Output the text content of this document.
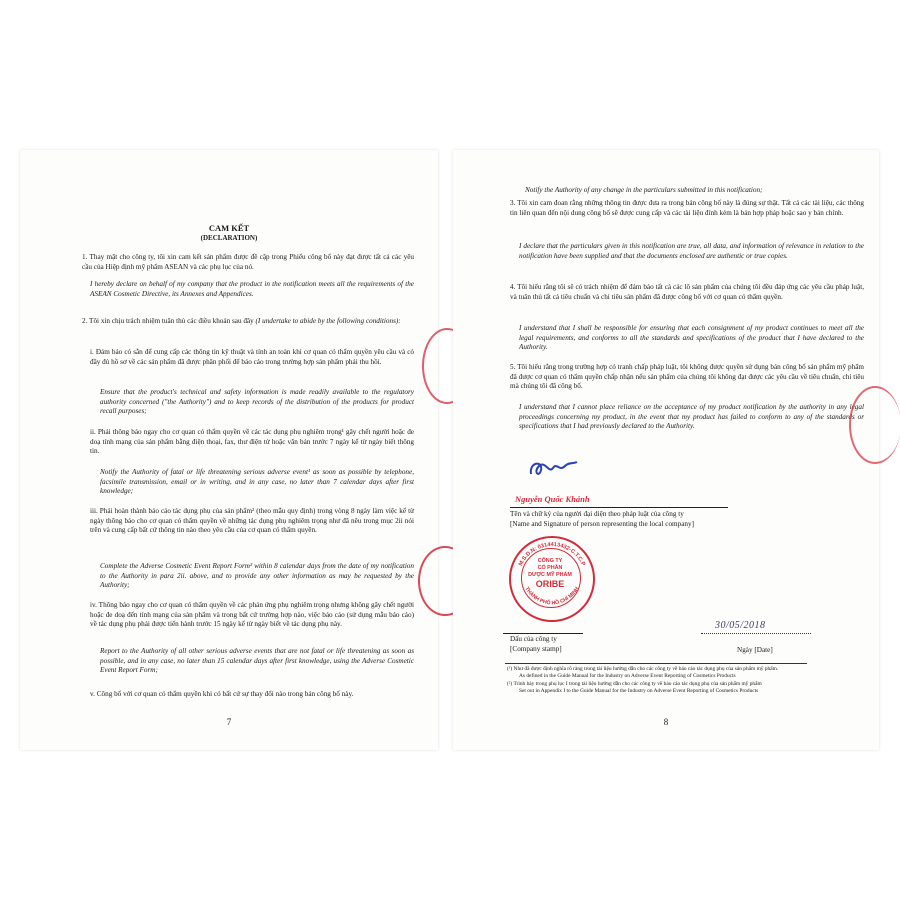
CAM KẾT
(DECLARATION)
1. Thay mặt cho công ty, tôi xin cam kết sản phẩm được đề cập trong Phiếu công bố này đạt được tất cả các yêu cầu của Hiệp định mỹ phẩm ASEAN và các phụ lục của nó.
I hereby declare on behalf of my company that the product in the notification meets all the requirements of the ASEAN Cosmetic Directive, its Annexes and Appendices.
2. Tôi xin chịu trách nhiệm tuân thủ các điều khoản sau đây (I undertake to abide by the following conditions):
i. Đảm bảo có sẵn để cung cấp các thông tin kỹ thuật và tính an toàn khi cơ quan có thẩm quyền yêu cầu và có đầy đủ hồ sơ về các sản phẩm đã được phân phối để báo cáo trong trường hợp sản phẩm phải thu hồi.
Ensure that the product's technical and safety information is made readily available to the regulatory authority concerned ("the Authority") and to keep records of the distribution of the products for product recall purposes;
ii. Phải thông báo ngay cho cơ quan có thẩm quyền về các tác dụng phụ nghiêm trọng¹ gây chết người hoặc đe doạ tính mạng của sản phẩm bằng điện thoại, fax, thư điện tử hoặc văn bản trước 7 ngày kể từ ngày biết thông tin.
Notify the Authority of fatal or life threatening serious adverse event¹ as soon as possible by telephone, facsimile transmission, email or in writing, and in any case, no later than 7 calendar days after first knowledge;
iii. Phải hoàn thành báo cáo tác dụng phụ của sản phẩm² (theo mẫu quy định) trong vòng 8 ngày làm việc kể từ ngày thông báo cho cơ quan có thẩm quyền về những tác dụng phụ nghiêm trọng như đã nêu trong mục 2ii nói trên và cung cấp bất cứ thông tin nào theo yêu cầu của cơ quan có thẩm quyền.
Complete the Adverse Cosmetic Event Report Form² within 8 calendar days from the date of my notification to the Authority in para 2ii. above, and to provide any other information as may be requested by the Authority;
iv. Thông báo ngay cho cơ quan có thẩm quyền về các phản ứng phụ nghiêm trọng nhưng không gây chết người hoặc đe doạ đến tính mạng của sản phẩm và trong bất cứ trường hợp nào, việc báo cáo (sử dụng mẫu báo cáo) về tác dụng phụ phải được tiến hành trước 15 ngày kể từ ngày biết về tác dụng phụ này.
Report to the Authority of all other serious adverse events that are not fatal or life threatening as soon as possible, and in any case, no later than 15 calendar days after first knowledge, using the Adverse Cosmetic Event Report Form;
v. Công bố với cơ quan có thẩm quyền khi có bất cứ sự thay đổi nào trong bản công bố này.
7
Notify the Authority of any change in the particulars submitted in this notification;
3. Tôi xin cam đoan rằng những thông tin được đưa ra trong bản công bố này là đúng sự thật. Tất cả các tài liệu, các thông tin liên quan đến nội dung công bố sẽ được cung cấp và các tài liệu đính kèm là bản hợp pháp hoặc sao y bản chính.
I declare that the particulars given in this notification are true, all data, and information of relevance in relation to the notification have been supplied and that the documents enclosed are authentic or true copies.
4. Tôi hiểu rằng tôi sẽ có trách nhiệm để đảm bảo tất cả các lô sản phẩm của chúng tôi đều đáp ứng các yêu cầu pháp luật, và tuân thủ tất cả tiêu chuẩn và chỉ tiêu sản phẩm đã được công bố với cơ quan có thẩm quyền.
I understand that I shall be responsible for ensuring that each consignment of my product continues to meet all the legal requirements, and conforms to all the standards and specifications of the product that I have declared to the Authority.
5. Tôi hiểu rằng trong trường hợp có tranh chấp pháp luật, tôi không được quyền sử dụng bản công bố sản phẩm mỹ phẩm đã được cơ quan có thẩm quyền chấp nhận nếu sản phẩm của chúng tôi không đạt được các yêu cầu về tiêu chuẩn, chỉ tiêu mà chúng tôi đã công bố.
I understand that I cannot place reliance on the acceptance of my product notification by the authority in any legal proceedings concerning my product, in the event that my product has failed to conform to any of the standards or specifications that I had previously declared to the Authority.
Nguyễn Quốc Khánh
Tên và chữ ký của người đại diện theo pháp luật của công ty
[Name and Signature of person representing the local company]
M.S.D.N: 0314413432-C.T.C.P
THÀNH PHỐ HỒ CHÍ MINH
CÔNG TY
CỔ PHẦN
DƯỢC MỸ PHẨM
ORIBE
Dấu của công ty
[Company stamp]
30/05/2018
Ngày [Date]
(¹) Như đã được định nghĩa rõ ràng trong tài liệu hướng dẫn cho các công ty về báo cáo tác dụng phụ của sản phẩm mỹ phẩm.
As defined in the Guide Manual for the Industry on Adverse Event Reporting of Cosmetics Products
(²) Trình bày trong phụ lục I trong tài liệu hướng dẫn cho các công ty về báo cáo tác dụng phụ của sản phẩm mỹ phẩm
Set out in Appendix I to the Guide Manual for the Industry on Adverse Event Reporting of Cosmetics Products
8
